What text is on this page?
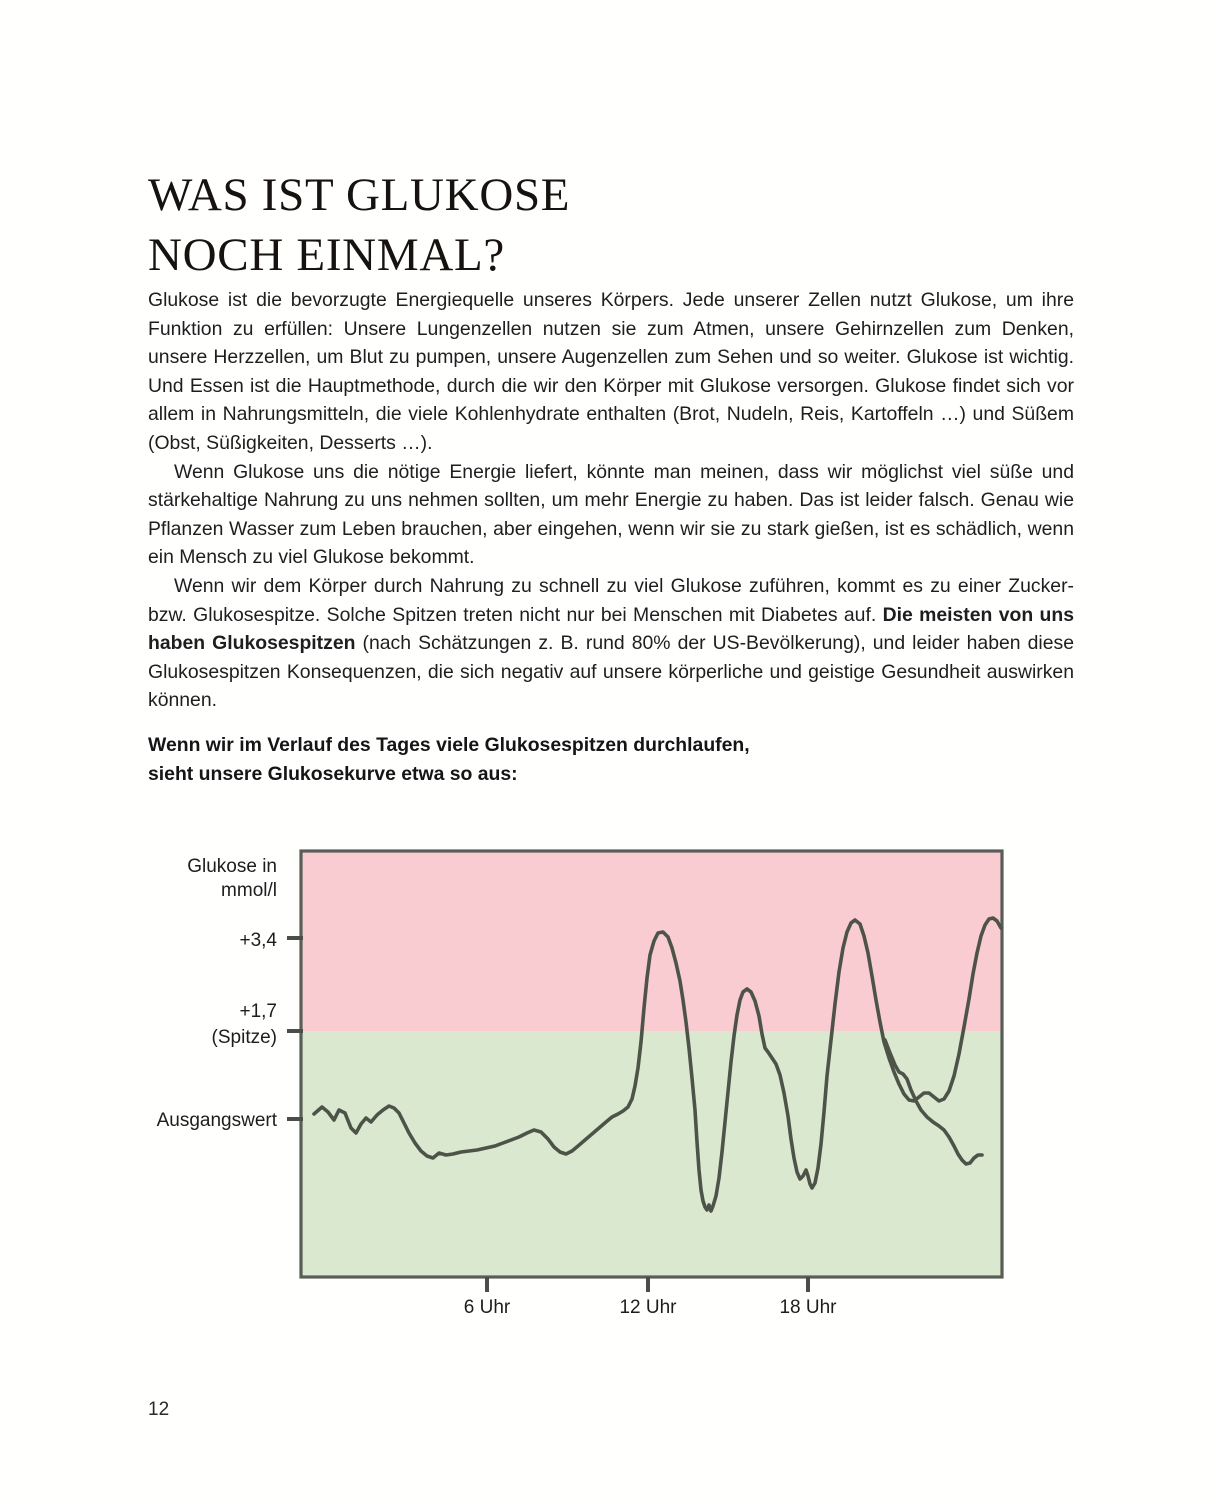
WAS IST GLUKOSE
NOCH EINMAL?

Glukose ist die bevorzugte Energiequelle unseres Körpers. Jede unserer Zellen nutzt Glukose, um ihre Funktion zu erfüllen: Unsere Lungenzellen nutzen sie zum Atmen, unsere Gehirnzellen zum Denken, unsere Herzzellen, um Blut zu pumpen, unsere Augenzellen zum Sehen und so weiter. Glukose ist wichtig. Und Essen ist die Hauptmethode, durch die wir den Körper mit Glukose versorgen. Glukose findet sich vor allem in Nahrungsmitteln, die viele Kohlenhydrate enthalten (Brot, Nudeln, Reis, Kartoffeln …) und Süßem (Obst, Süßigkeiten, Desserts …).

Wenn Glukose uns die nötige Energie liefert, könnte man meinen, dass wir möglichst viel süße und stärkehaltige Nahrung zu uns nehmen sollten, um mehr Energie zu haben. Das ist leider falsch. Genau wie Pflanzen Wasser zum Leben brauchen, aber eingehen, wenn wir sie zu stark gießen, ist es schädlich, wenn ein Mensch zu viel Glukose bekommt.

Wenn wir dem Körper durch Nahrung zu schnell zu viel Glukose zuführen, kommt es zu einer Zucker- bzw. Glukosespitze. Solche Spitzen treten nicht nur bei Menschen mit Diabetes auf. Die meisten von uns haben Glukosespitzen (nach Schätzungen z. B. rund 80% der US-Bevölkerung), und leider haben diese Glukosespitzen Konsequenzen, die sich negativ auf unsere körperliche und geistige Gesundheit auswirken können.

Wenn wir im Verlauf des Tages viele Glukosespitzen durchlaufen,
sieht unsere Glukosekurve etwa so aus:

Glukose in
mmol/l
+3,4
+1,7
(Spitze)
Ausgangswert
6 Uhr	12 Uhr	18 Uhr
12
